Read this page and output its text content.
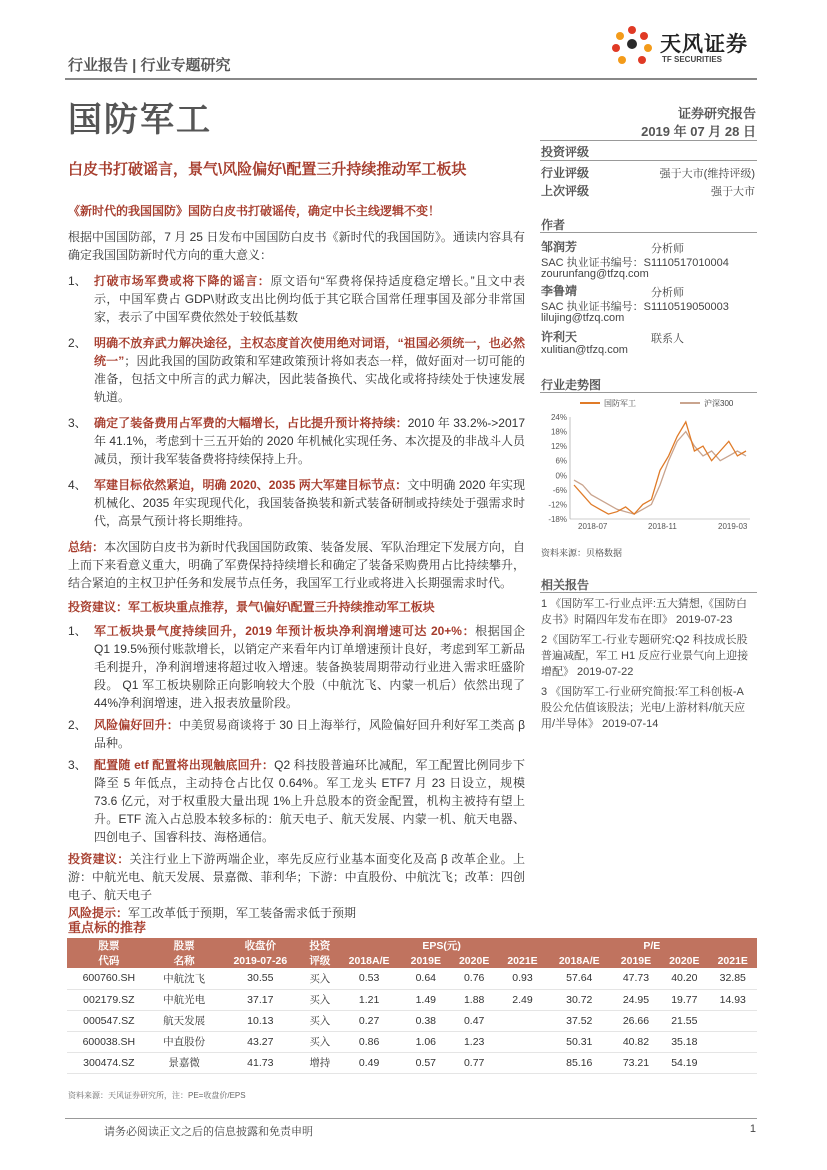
天风证券
TF SECURITIES
行业报告 | 行业专题研究
国防军工	证券研究报告
2019 年 07 月 28 日
白皮书打破谣言，景气\风险偏好\配置三升持续推动军工板块
投资评级
行业评级	强于大市(维持评级)
上次评级	强于大市
作者
邹润芳	分析师
SAC 执业证书编号：S1110517010004
zourunfang@tfzq.com
李鲁靖	分析师
SAC 执业证书编号：S1110519050003
lilujing@tfzq.com
许利天	联系人
xulitian@tfzq.com
行业走势图
国防军工	沪深300
24%
18%
12%
6%
0%
-6%
-12%
-18%
2018-07	2018-11	2019-03
资料来源：贝格数据
相关报告
1 《国防军工-行业点评:五大猜想,《国防白皮书》时隔四年发布在即》 2019-07-23
2《国防军工-行业专题研究:Q2 科技成长股普遍减配，军工 H1 反应行业景气向上迎接增配》 2019-07-22
3 《国防军工-行业研究简报:军工科创板-A 股公允估值该股法；光电/上游材料/航天应用/半导体》 2019-07-14
《新时代的我国国防》国防白皮书打破谣传，确定中长主线逻辑不变！
根据中国国防部，7 月 25 日发布中国国防白皮书《新时代的我国国防》。通读内容具有确定我国国防新时代方向的重大意义：
1、 打破市场军费或将下降的谣言：原文语句“军费将保持适度稳定增长。”且文中表示，中国军费占 GDP\财政支出比例均低于其它联合国常任理事国及部分非常国家，表示了中国军费依然处于较低基数
2、 明确不放弃武力解决途径，主权态度首次使用绝对词语，“祖国必须统一，也必然统一”；因此我国的国防政策和军建政策预计将如表态一样，做好面对一切可能的准备，包括文中所言的武力解决，因此装备换代、实战化或将持续处于快速发展轨道。
3、 确定了装备费用占军费的大幅增长，占比提升预计将持续：2010 年 33.2%->2017 年 41.1%，考虑到十三五开始的 2020 年机械化实现任务、本次提及的非战斗人员减员，预计我军装备费将持续保持上升。
4、 军建目标依然紧迫，明确 2020、2035 两大军建目标节点：文中明确 2020 年实现机械化、2035 年实现现代化，我国装备换装和新式装备研制或持续处于强需求时代，高景气预计将长期维持。
总结：本次国防白皮书为新时代我国国防政策、装备发展、军队治理定下发展方向，自上而下来看意义重大，明确了军费保持持续增长和确定了装备采购费用占比持续攀升，结合紧迫的主权卫护任务和发展节点任务，我国军工行业或将进入长期强需求时代。
投资建议：军工板块重点推荐，景气\偏好\配置三升持续推动军工板块
1、 军工板块景气度持续回升，2019 年预计板块净利润增速可达 20+%：根据国企 Q1 19.5%预付账款增长，以销定产来看年内订单增速预计良好，考虑到军工新品毛利提升，净利润增速将超过收入增速。装备换装周期带动行业进入需求旺盛阶段。 Q1 军工板块剔除正向影响较大个股（中航沈飞、内蒙一机后）依然出现了 44%净利润增速，进入报表放量阶段。
2、 风险偏好回升：中美贸易商谈将于 30 日上海举行，风险偏好回升利好军工类高 β 品种。
3、 配置随 etf 配置将出现触底回升：Q2 科技股普遍环比减配，军工配置比例同步下降至 5 年低点，主动持仓占比仅 0.64%。军工龙头 ETF7 月 23 日设立，规模 73.6 亿元，对于权重股大量出现 1%上升总股本的资金配置，机构主被持有望上升。ETF 流入占总股本较多标的：航天电子、航天发展、内蒙一机、航天电器、四创电子、国睿科技、海格通信。
投资建议：关注行业上下游两端企业，率先反应行业基本面变化及高 β 改革企业。上游：中航光电、航天发展、景嘉微、菲利华；下游：中直股份、中航沈飞；改革：四创电子、航天电子
风险提示：军工改革低于预期，军工装备需求低于预期
重点标的推荐
股票	股票	收盘价	投资	EPS(元)				P/E			
代码	名称	2019-07-26	评级	2018A/E	2019E	2020E	2021E	2018A/E	2019E	2020E	2021E
600760.SH	中航沈飞	30.55	买入	0.53	0.64	0.76	0.93	57.64	47.73	40.20	32.85
002179.SZ	中航光电	37.17	买入	1.21	1.49	1.88	2.49	30.72	24.95	19.77	14.93
000547.SZ	航天发展	10.13	买入	0.27	0.38	0.47		37.52	26.66	21.55	
600038.SH	中直股份	43.27	买入	0.86	1.06	1.23		50.31	40.82	35.18	
300474.SZ	景嘉微	41.73	增持	0.49	0.57	0.77		85.16	73.21	54.19	
资料来源：天风证券研究所，注：PE=收盘价/EPS
请务必阅读正文之后的信息披露和免责申明	1
